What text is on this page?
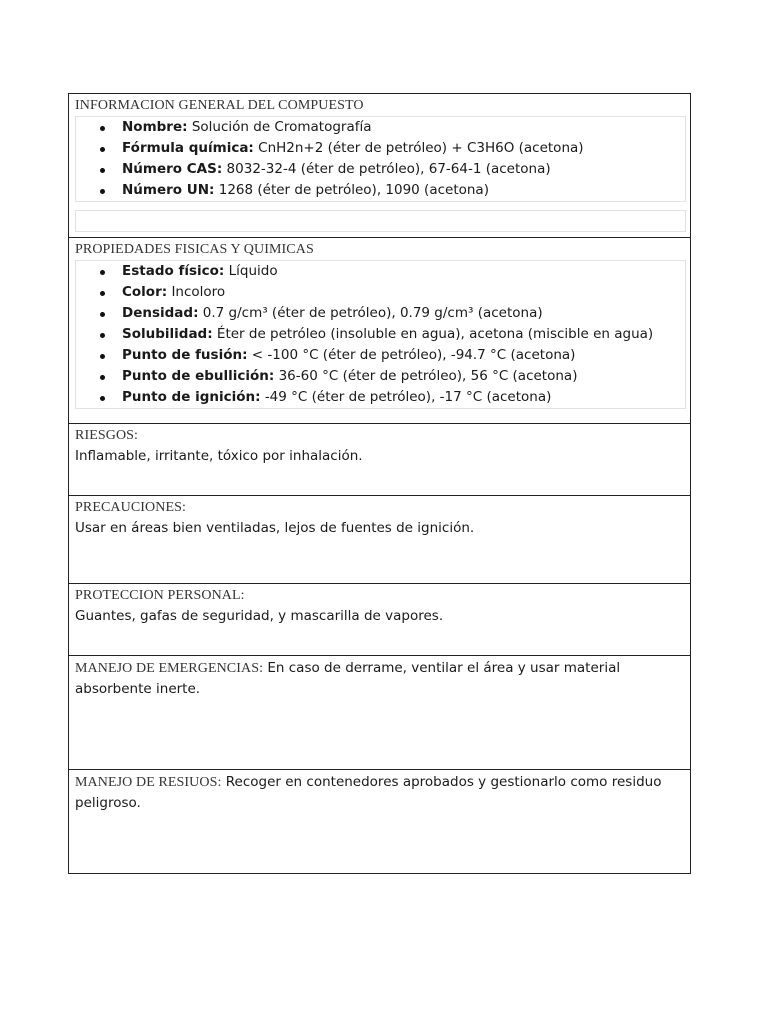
INFORMACION GENERAL DEL COMPUESTO
Nombre: Solución de Cromatografía
Fórmula química: CnH2n+2 (éter de petróleo) + C3H6O (acetona)
Número CAS: 8032-32-4 (éter de petróleo), 67-64-1 (acetona)
Número UN: 1268 (éter de petróleo), 1090 (acetona)
PROPIEDADES FISICAS Y QUIMICAS
Estado físico: Líquido
Color: Incoloro
Densidad: 0.7 g/cm³ (éter de petróleo), 0.79 g/cm³ (acetona)
Solubilidad: Éter de petróleo (insoluble en agua), acetona (miscible en agua)
Punto de fusión: < -100 °C (éter de petróleo), -94.7 °C (acetona)
Punto de ebullición: 36-60 °C (éter de petróleo), 56 °C (acetona)
Punto de ignición: -49 °C (éter de petróleo), -17 °C (acetona)
RIESGOS:
Inflamable, irritante, tóxico por inhalación.
PRECAUCIONES:
Usar en áreas bien ventiladas, lejos de fuentes de ignición.
PROTECCION PERSONAL:
Guantes, gafas de seguridad, y mascarilla de vapores.
MANEJO DE EMERGENCIAS: En caso de derrame, ventilar el área y usar material absorbente inerte.
MANEJO DE RESIUOS: Recoger en contenedores aprobados y gestionarlo como residuo peligroso.
